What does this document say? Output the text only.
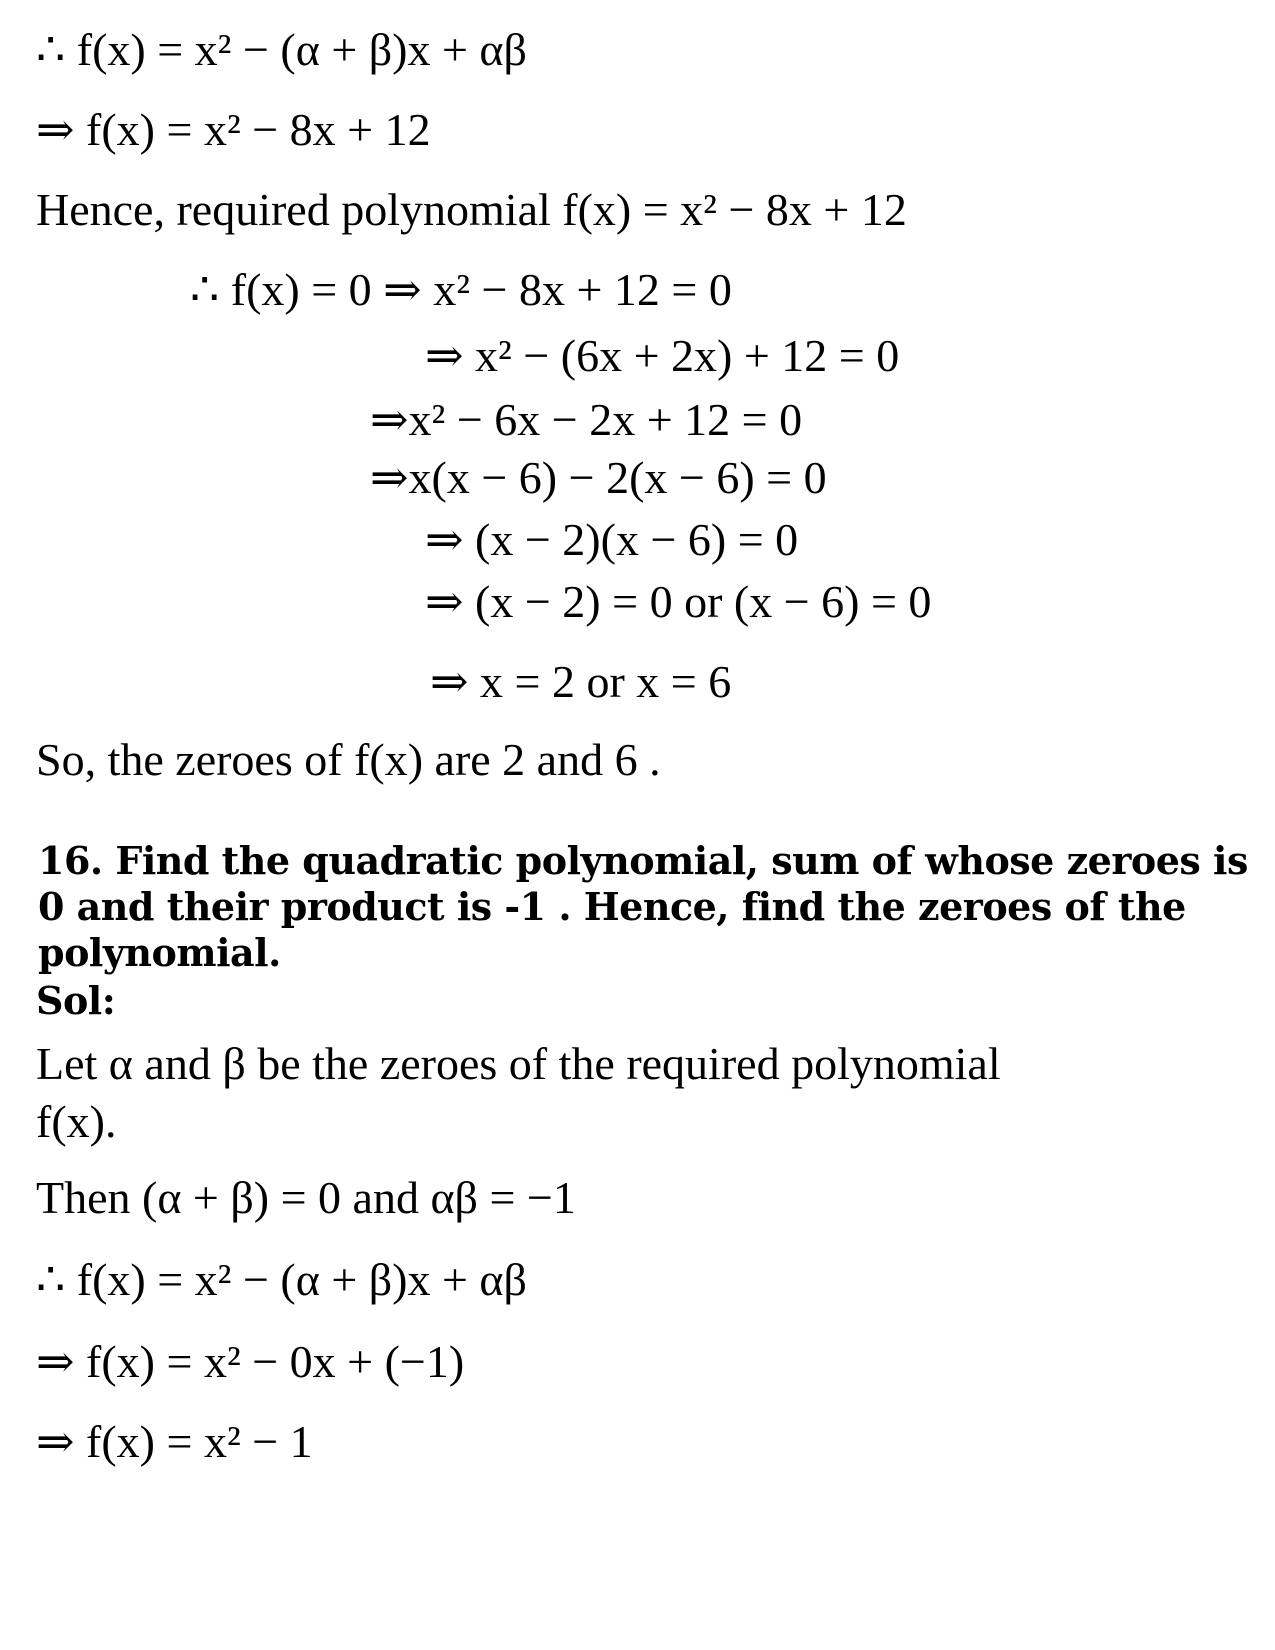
∴ f(x) = x² − (α + β)x + αβ
⇒ f(x) = x² − 8x + 12
Hence, required polynomial f(x) = x² − 8x + 12
∴ f(x) = 0 ⇒ x² − 8x + 12 = 0
⇒ x² − (6x + 2x) + 12 = 0
⇒x² − 6x − 2x + 12 = 0
⇒x(x − 6) − 2(x − 6) = 0
⇒ (x − 2)(x − 6) = 0
⇒ (x − 2) = 0 or (x − 6) = 0
⇒ x = 2 or x = 6
So, the zeroes of f(x) are 2 and 6 .
16. Find the quadratic polynomial, sum of whose zeroes is 0 and their product is -1 . Hence, find the zeroes of the polynomial.
Sol:
Let α and β be the zeroes of the required polynomial
f(x).
Then (α + β) = 0 and αβ = −1
∴ f(x) = x² − (α + β)x + αβ
⇒ f(x) = x² − 0x + (−1)
⇒ f(x) = x² − 1
